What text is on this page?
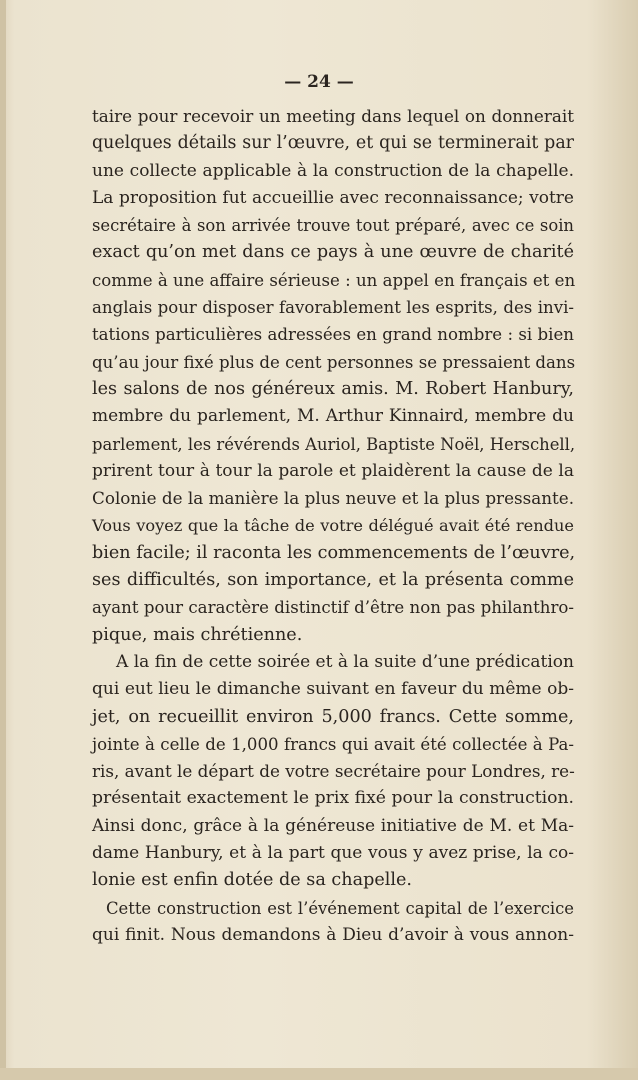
— 24 —
taire pour recevoir un meeting dans lequel on donnerait
quelques détails sur l’œuvre, et qui se terminerait par
une collecte applicable à la construction de la chapelle.
La proposition fut accueillie avec reconnaissance; votre
secrétaire à son arrivée trouve tout préparé, avec ce soin
exact qu’on met dans ce pays à une œuvre de charité
comme à une affaire sérieuse : un appel en français et en
anglais pour disposer favorablement les esprits, des invi-
tations particulières adressées en grand nombre : si bien
qu’au jour fixé plus de cent personnes se pressaient dans
les salons de nos généreux amis. M. Robert Hanbury,
membre du parlement, M. Arthur Kinnaird, membre du
parlement, les révérends Auriol, Baptiste Noël, Herschell,
prirent tour à tour la parole et plaidèrent la cause de la
Colonie de la manière la plus neuve et la plus pressante.
Vous voyez que la tâche de votre délégué avait été rendue
bien facile; il raconta les commencements de l’œuvre,
ses difficultés, son importance, et la présenta comme
ayant pour caractère distinctif d’être non pas philanthro-
pique, mais chrétienne.
A la fin de cette soirée et à la suite d’une prédication
qui eut lieu le dimanche suivant en faveur du même ob-
jet, on recueillit environ 5,000 francs. Cette somme,
jointe à celle de 1,000 francs qui avait été collectée à Pa-
ris, avant le départ de votre secrétaire pour Londres, re-
présentait exactement le prix fixé pour la construction.
Ainsi donc, grâce à la généreuse initiative de M. et Ma-
dame Hanbury, et à la part que vous y avez prise, la co-
lonie est enfin dotée de sa chapelle.
Cette construction est l’événement capital de l’exercice
qui finit. Nous demandons à Dieu d’avoir à vous annon-
